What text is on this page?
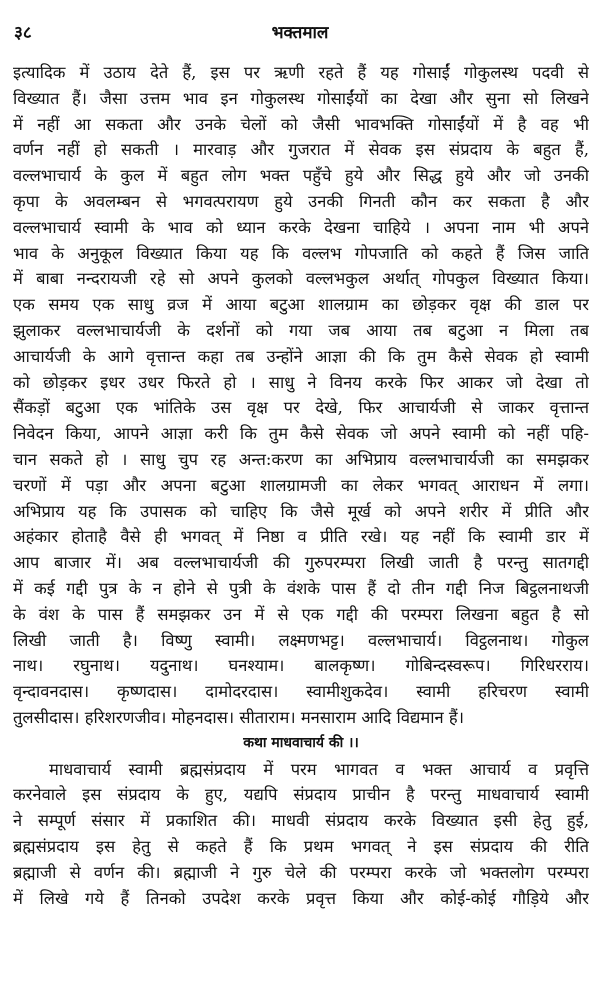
३८	भक्तमाल
इत्यादिक में उठाय देते हैं, इस पर ऋणी रहते हैं यह गोसाईं गोकुलस्थ पदवी से
विख्यात हैं। जैसा उत्तम भाव इन गोकुलस्थ गोसाईंयों का देखा और सुना सो लिखने
में नहीं आ सकता और उनके चेलों को जैसी भावभक्ति गोसाईंयों में है वह भी
वर्णन नहीं हो सकती । मारवाड़ और गुजरात में सेवक इस संप्रदाय के बहुत हैं,
वल्लभाचार्य के कुल में बहुत लोग भक्त पहुँचे हुये और सिद्ध हुये और जो उनकी
कृपा के अवलम्बन से भगवत्परायण हुये उनकी गिनती कौन कर सकता है और
वल्लभाचार्य स्वामी के भाव को ध्यान करके देखना चाहिये । अपना नाम भी अपने
भाव के अनुकूल विख्यात किया यह कि वल्लभ गोपजाति को कहते हैं जिस जाति
में बाबा नन्दरायजी रहे सो अपने कुलको वल्लभकुल अर्थात् गोपकुल विख्यात किया।
एक समय एक साधु व्रज में आया बटुआ शालग्राम का छोड़कर वृक्ष की डाल पर
झुलाकर वल्लभाचार्यजी के दर्शनों को गया जब आया तब बटुआ न मिला तब
आचार्यजी के आगे वृत्तान्त कहा तब उन्होंने आज्ञा की कि तुम कैसे सेवक हो स्वामी
को छोड़कर इधर उधर फिरते हो । साधु ने विनय करके फिर आकर जो देखा तो
सैंकड़ों बटुआ एक भांतिके उस वृक्ष पर देखे, फिर आचार्यजी से जाकर वृत्तान्त
निवेदन किया, आपने आज्ञा करी कि तुम कैसे सेवक जो अपने स्वामी को नहीं पहि-
चान सकते हो । साधु चुप रह अन्त:करण का अभिप्राय वल्लभाचार्यजी का समझकर
चरणों में पड़ा और अपना बटुआ शालग्रामजी का लेकर भगवत् आराधन में लगा।
अभिप्राय यह कि उपासक को चाहिए कि जैसे मूर्ख को अपने शरीर में प्रीति और
अहंकार होताहै वैसे ही भगवत् में निष्ठा व प्रीति रखे। यह नहीं कि स्वामी डार में
आप बाजार में। अब वल्लभाचार्यजी की गुरुपरम्परा लिखी जाती है परन्तु सातगद्दी
में कई गद्दी पुत्र के न होने से पुत्री के वंशके पास हैं दो तीन गद्दी निज बिट्ठलनाथजी
के वंश के पास हैं समझकर उन में से एक गद्दी की परम्परा लिखना बहुत है सो
लिखी जाती है। विष्णु स्वामी। लक्ष्मणभट्ट। वल्लभाचार्य। विट्ठलनाथ। गोकुल
नाथ। रघुनाथ। यदुनाथ। घनश्याम। बालकृष्ण। गोबिन्दस्वरूप। गिरिधरराय।
वृन्दावनदास। कृष्णदास। दामोदरदास। स्वामीशुकदेव। स्वामी हरिचरण स्वामी
तुलसीदास। हरिशरणजीव। मोहनदास। सीताराम। मनसाराम आदि विद्यमान हैं।
कथा माधवाचार्य की ।।
माधवाचार्य स्वामी ब्रह्मसंप्रदाय में परम भागवत व भक्त आचार्य व प्रवृत्ति
करनेवाले इस संप्रदाय के हुए, यद्यपि संप्रदाय प्राचीन है परन्तु माधवाचार्य स्वामी
ने सम्पूर्ण संसार में प्रकाशित की। माधवी संप्रदाय करके विख्यात इसी हेतु हुई,
ब्रह्मसंप्रदाय इस हेतु से कहते हैं कि प्रथम भगवत् ने इस संप्रदाय की रीति
ब्रह्माजी से वर्णन की। ब्रह्माजी ने गुरु चेले की परम्परा करके जो भक्तलोग परम्परा
में लिखे गये हैं तिनको उपदेश करके प्रवृत्त किया और कोई-कोई गौड़िये और
